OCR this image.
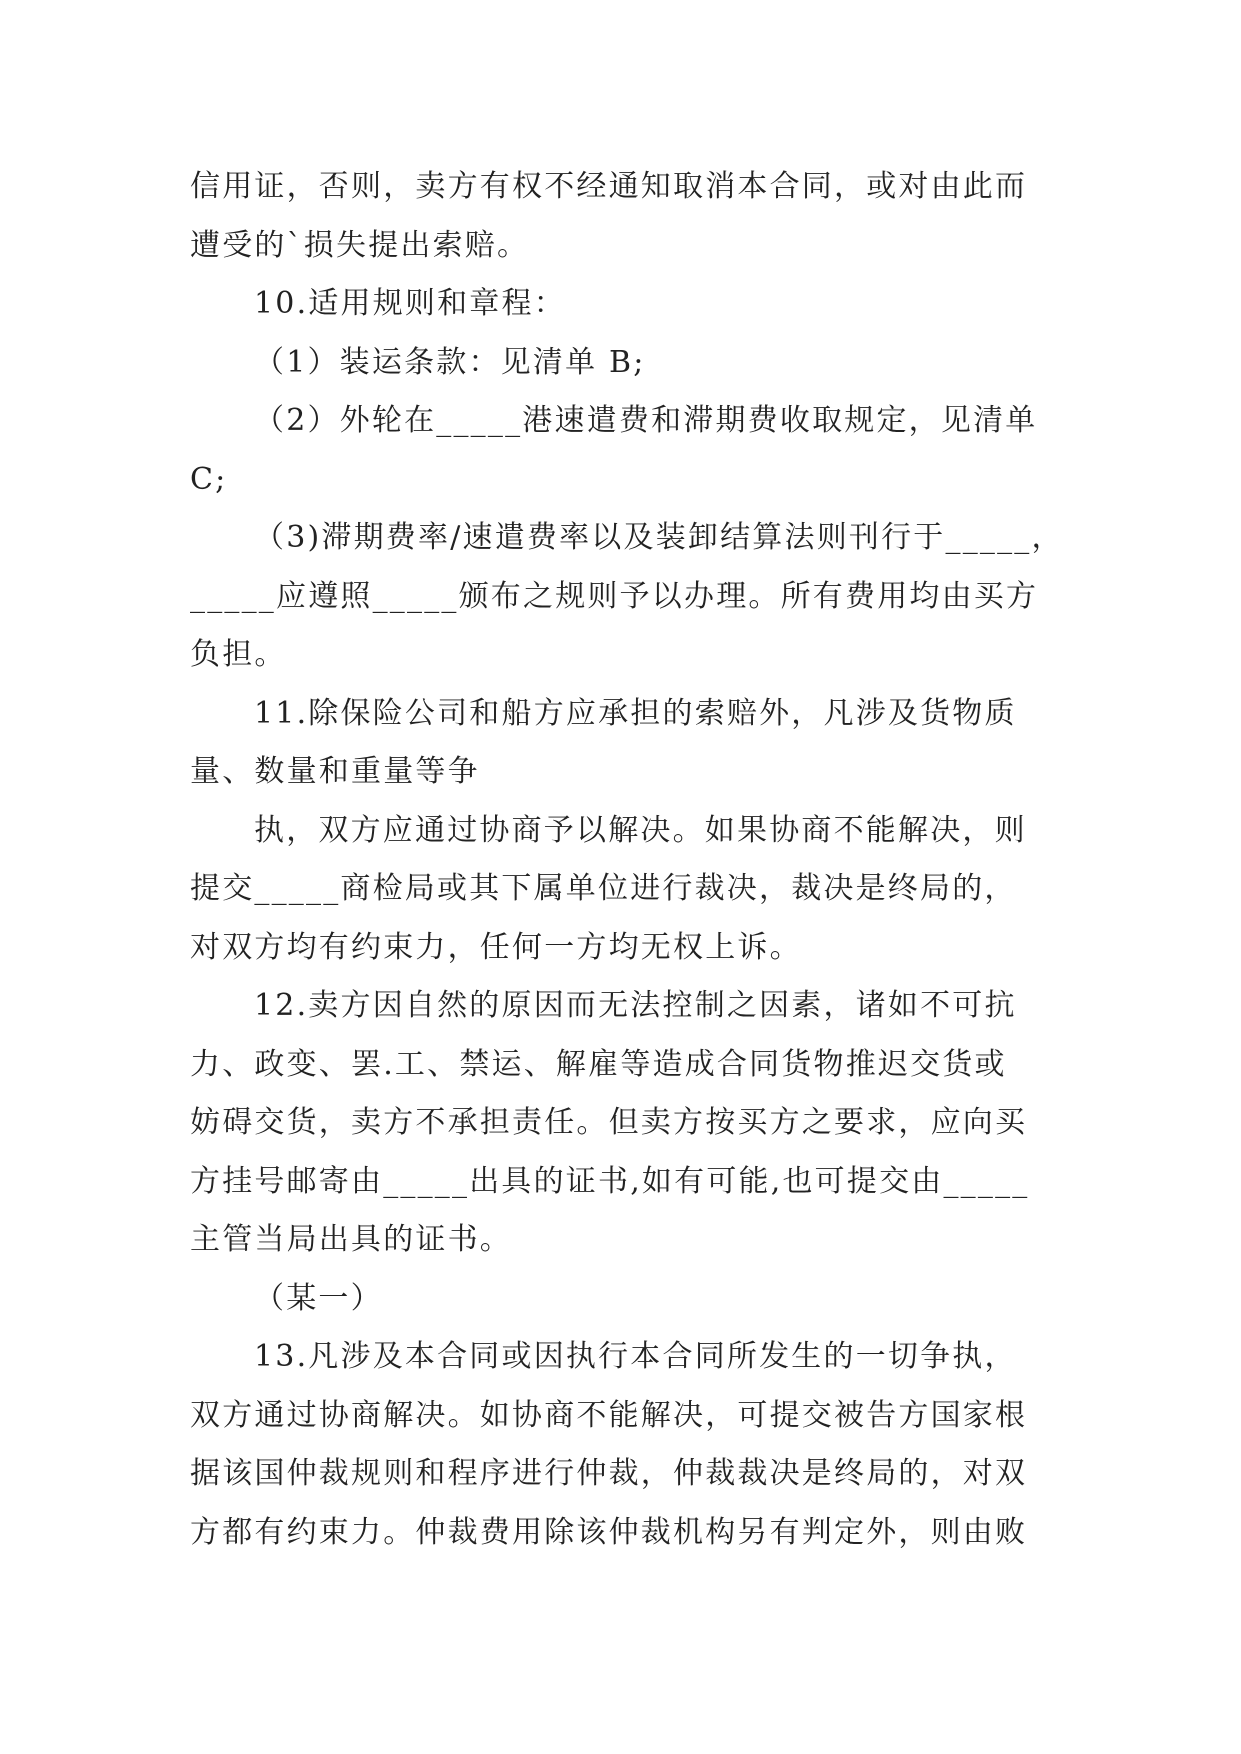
信用证，否则，卖方有权不经通知取消本合同，或对由此而
遭受的`损失提出索赔。
10.适用规则和章程：
（1）装运条款：见清单 B;
（2）外轮在_____港速遣费和滞期费收取规定，见清单
C;
（3)滞期费率/速遣费率以及装卸结算法则刊行于_____，
_____应遵照_____颁布之规则予以办理。所有费用均由买方
负担。
11.除保险公司和船方应承担的索赔外，凡涉及货物质
量、数量和重量等争
执，双方应通过协商予以解决。如果协商不能解决，则
提交_____商检局或其下属单位进行裁决，裁决是终局的，
对双方均有约束力，任何一方均无权上诉。
12.卖方因自然的原因而无法控制之因素，诸如不可抗
力、政变、罢.工、禁运、解雇等造成合同货物推迟交货或
妨碍交货，卖方不承担责任。但卖方按买方之要求，应向买
方挂号邮寄由_____出具的证书,如有可能,也可提交由_____
主管当局出具的证书。
（某一）
13.凡涉及本合同或因执行本合同所发生的一切争执，
双方通过协商解决。如协商不能解决，可提交被告方国家根
据该国仲裁规则和程序进行仲裁，仲裁裁决是终局的，对双
方都有约束力。仲裁费用除该仲裁机构另有判定外，则由败
